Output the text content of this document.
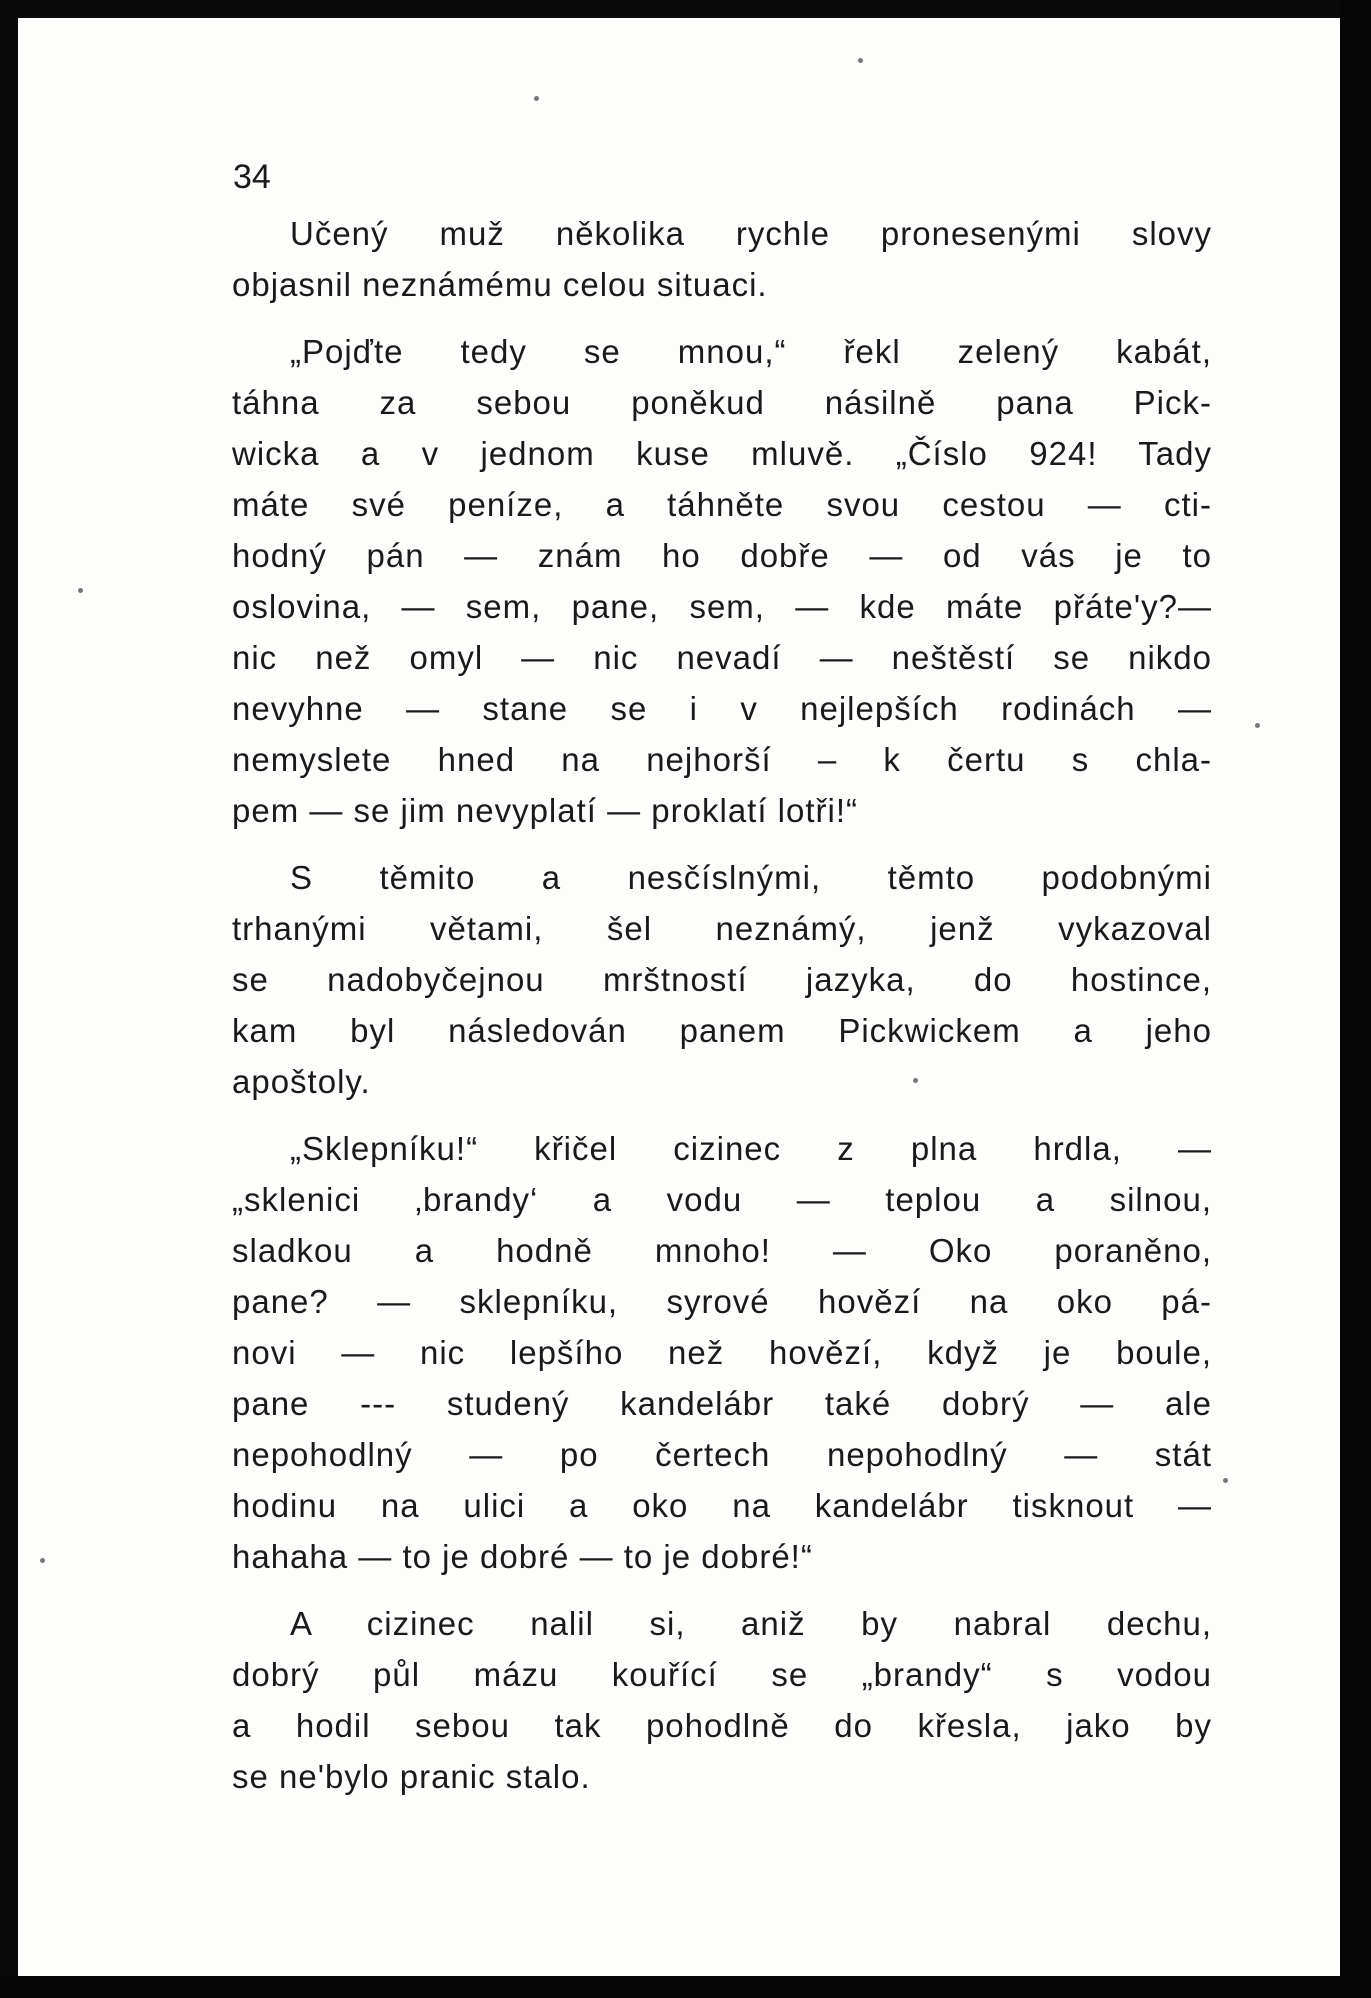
34
Učený muž několika rychle pronesenými slovy
objasnil neznámému celou situaci.
„Pojďte tedy se mnou,“ řekl zelený kabát,
táhna za sebou poněkud násilně pana Pick-
wicka a v jednom kuse mluvě. „Číslo 924! Tady
máte své peníze, a táhněte svou cestou — cti-
hodný pán — znám ho dobře — od vás je to
oslovina, — sem, pane, sem, — kde máte přáte'y?—
nic než omyl — nic nevadí — neštěstí se nikdo
nevyhne — stane se i v nejlepších rodinách —
nemyslete hned na nejhorší – k čertu s chla-
pem — se jim nevyplatí — proklatí lotři!“
S těmito a nesčíslnými, těmto podobnými
trhanými větami, šel neznámý, jenž vykazoval
se nadobyčejnou mrštností jazyka, do hostince,
kam byl následován panem Pickwickem a jeho
apoštoly.
„Sklepníku!“ křičel cizinec z plna hrdla, —
„sklenici ‚brandy‘ a vodu — teplou a silnou,
sladkou a hodně mnoho! — Oko poraněno,
pane? — sklepníku, syrové hovězí na oko pá-
novi — nic lepšího než hovězí, když je boule,
pane --- studený kandelábr také dobrý — ale
nepohodlný — po čertech nepohodlný — stát
hodinu na ulici a oko na kandelábr tisknout —
hahaha — to je dobré — to je dobré!“
A cizinec nalil si, aniž by nabral dechu,
dobrý půl mázu kouřící se „brandy“ s vodou
a hodil sebou tak pohodlně do křesla, jako by
se ne'bylo pranic stalo.
